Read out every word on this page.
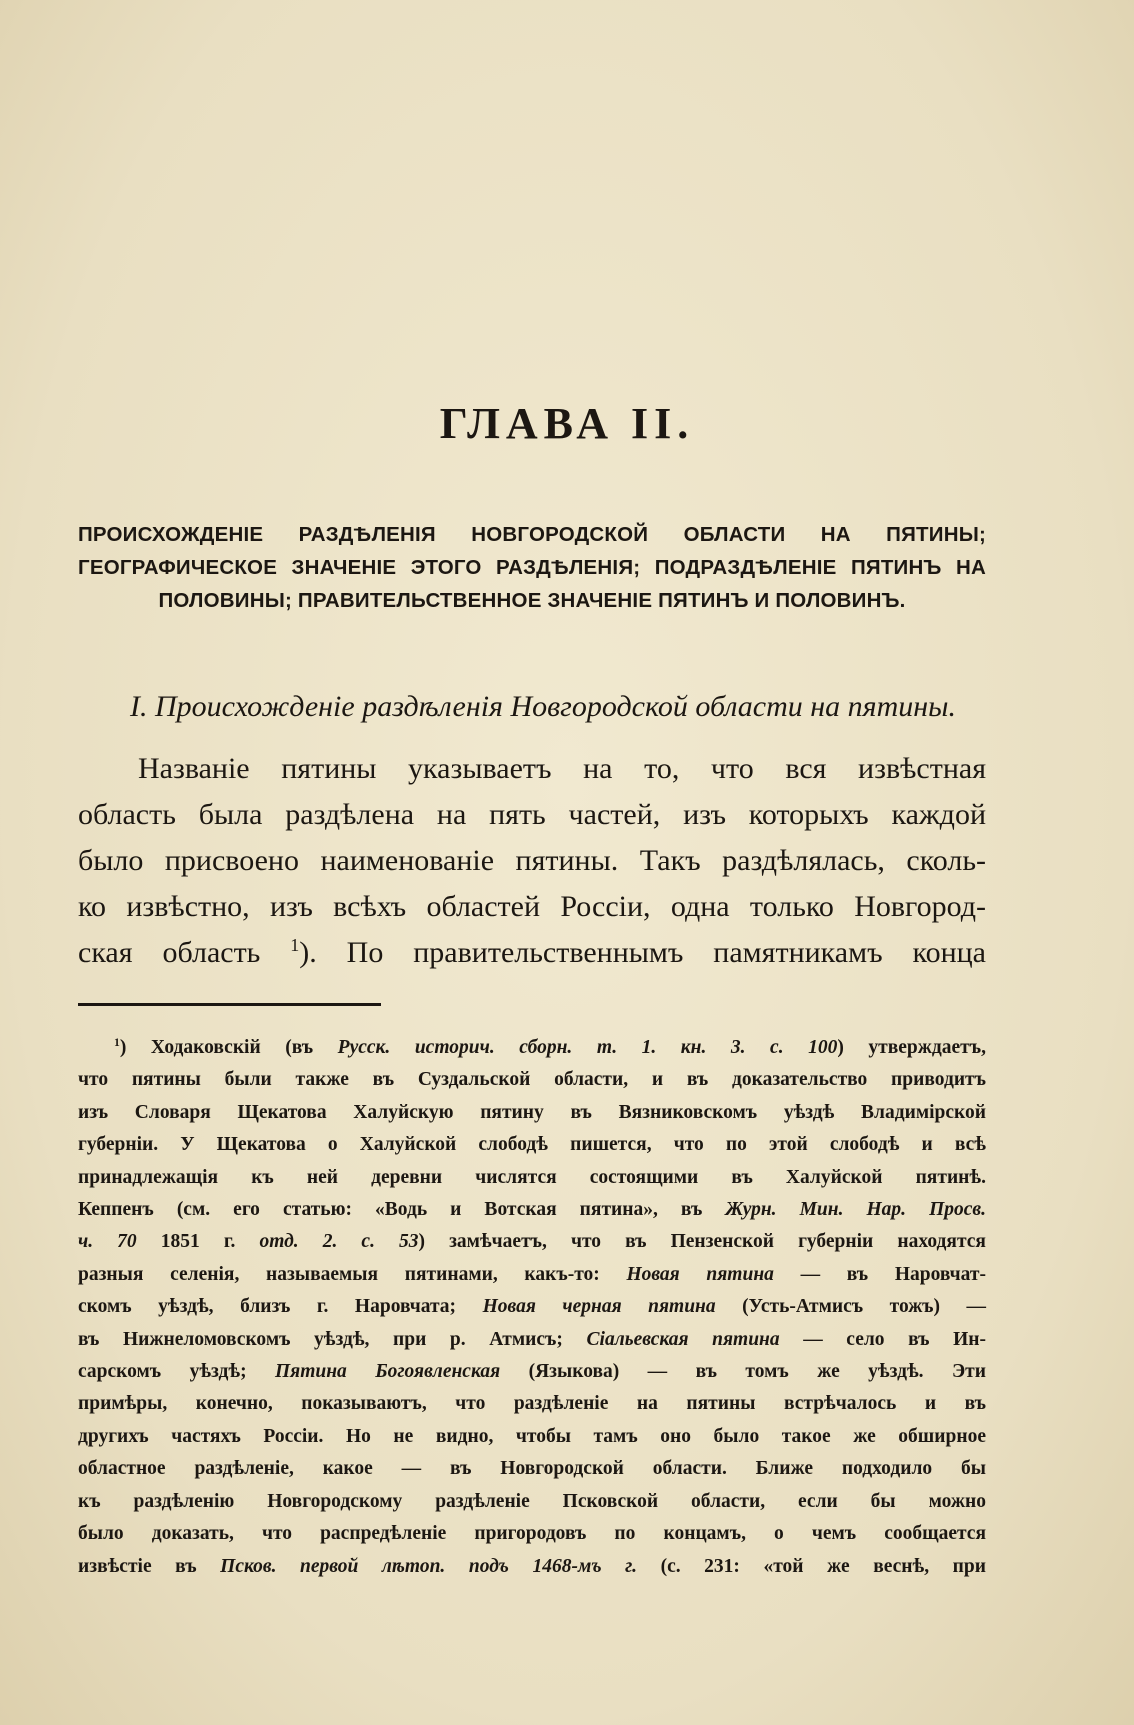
ГЛАВА II.
ПРОИСХОЖДЕНІЕ РАЗДѢЛЕНІЯ НОВГОРОДСКОЙ ОБЛАСТИ НА ПЯТИНЫ; ГЕОГРАФИЧЕСКОЕ ЗНАЧЕНІЕ ЭТОГО РАЗДѢЛЕНІЯ; ПОДРАЗДѢЛЕНІЕ ПЯТИНЪ НА ПОЛОВИНЫ; ПРАВИТЕЛЬСТВЕННОЕ ЗНАЧЕНІЕ ПЯТИНЪ И ПОЛОВИНЪ.
I. Происхожденіе раздѣленія Новгородской области на пятины.
Названіе пятины указываетъ на то, что вся извѣстная
область была раздѣлена на пять частей, изъ которыхъ каждой
было присвоено наименованіе пятины. Такъ раздѣлялась, сколь-
ко извѣстно, изъ всѣхъ областей Россіи, одна только Новгород-
ская область $^1$). По правительственнымъ памятникамъ конца
$^1$) Ходаковскій (въ Русск. историч. сборн. т. 1. кн. 3. с. 100) утверждаетъ,
что пятины были также въ Суздальской области, и въ доказательство приводитъ
изъ Словаря Щекатова Халуйскую пятину въ Вязниковскомъ уѣздѣ Владимірской
губерніи. У Щекатова о Халуйской слободѣ пишется, что по этой слободѣ и всѣ
принадлежащія къ ней деревни числятся состоящими въ Халуйской пятинѣ.
Кеппенъ (см. его статью: «Водь и Вотская пятина», въ Журн. Мин. Нар. Просв.
ч. 70 1851 г. отд. 2. с. 53) замѣчаетъ, что въ Пензенской губерніи находятся
разныя селенія, называемыя пятинами, какъ-то: Новая пятина — въ Наровчат-
скомъ уѣздѣ, близъ г. Наровчата; Новая черная пятина (Усть-Атмисъ тожъ) —
въ Нижнеломовскомъ уѣздѣ, при р. Атмисъ; Сіальевская пятина — село въ Ин-
сарскомъ уѣздѣ; Пятина Богоявленская (Языкова) — въ томъ же уѣздѣ. Эти
примѣры, конечно, показываютъ, что раздѣленіе на пятины встрѣчалось и въ
другихъ частяхъ Россіи. Но не видно, чтобы тамъ оно было такое же обширное
областное раздѣленіе, какое — въ Новгородской области. Ближе подходило бы
къ раздѣленію Новгородскому раздѣленіе Псковской области, если бы можно
было доказать, что распредѣленіе пригородовъ по концамъ, о чемъ сообщается
извѣстіе въ Псков. первой лѣтоп. подъ 1468-мъ г. (с. 231: «той же веснѣ, при
